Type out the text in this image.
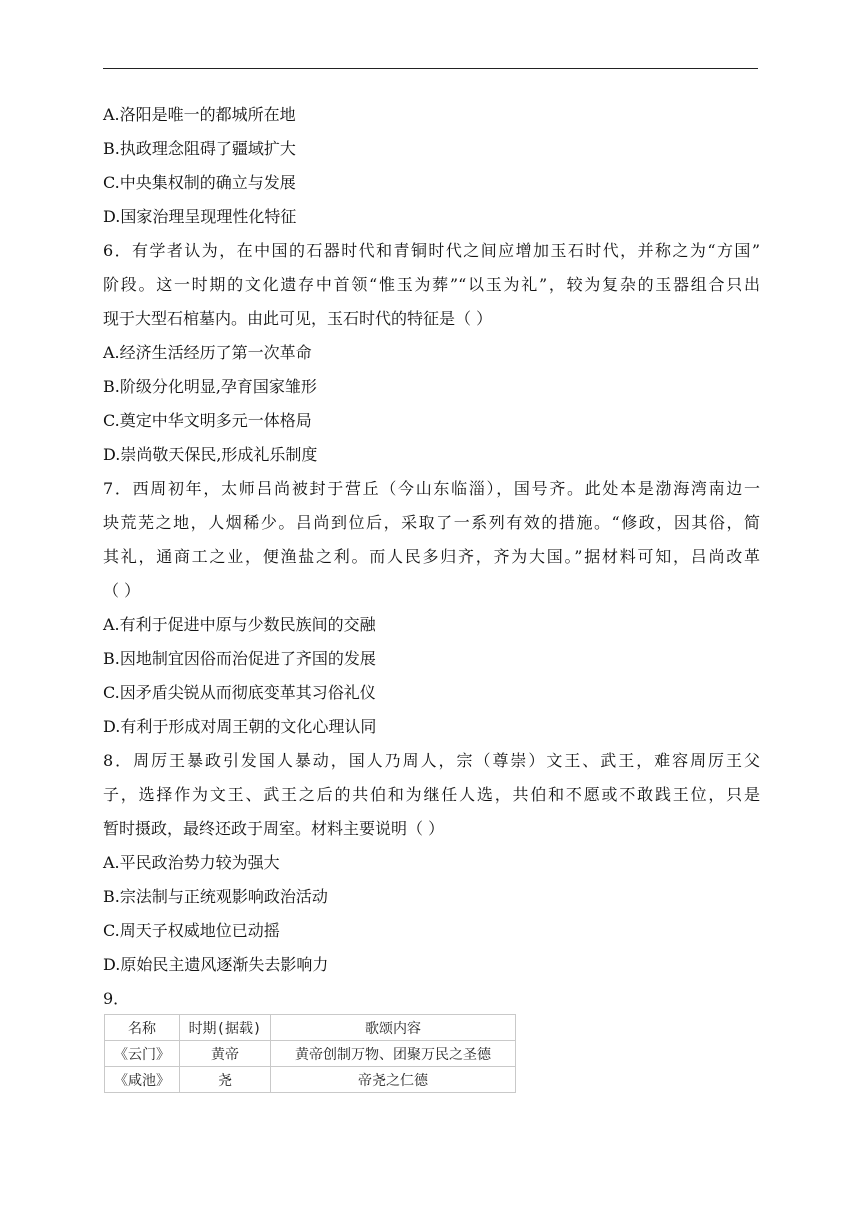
A.洛阳是唯一的都城所在地
B.执政理念阻碍了疆域扩大
C.中央集权制的确立与发展
D.国家治理呈现理性化特征
6．有学者认为，在中国的石器时代和青铜时代之间应增加玉石时代，并称之为“方国”
阶段。这一时期的文化遗存中首领“惟玉为葬”“以玉为礼”，较为复杂的玉器组合只出
现于大型石棺墓内。由此可见，玉石时代的特征是（ ）
A.经济生活经历了第一次革命
B.阶级分化明显,孕育国家雏形
C.奠定中华文明多元一体格局
D.崇尚敬天保民,形成礼乐制度
7．西周初年，太师吕尚被封于营丘（今山东临淄），国号齐。此处本是渤海湾南边一
块荒芜之地，人烟稀少。吕尚到位后，采取了一系列有效的措施。“修政，因其俗，简
其礼，通商工之业，便渔盐之利。而人民多归齐，齐为大国。”据材料可知，吕尚改革
（ ）
A.有利于促进中原与少数民族间的交融
B.因地制宜因俗而治促进了齐国的发展
C.因矛盾尖锐从而彻底变革其习俗礼仪
D.有利于形成对周王朝的文化心理认同
8．周厉王暴政引发国人暴动，国人乃周人，宗（尊崇）文王、武王，难容周厉王父
子，选择作为文王、武王之后的共伯和为继任人选，共伯和不愿或不敢践王位，只是
暂时摄政，最终还政于周室。材料主要说明（ ）
A.平民政治势力较为强大
B.宗法制与正统观影响政治活动
C.周天子权威地位已动摇
D.原始民主遗风逐渐失去影响力
9．
名称	时期(据载)	歌颂内容
《云门》	黄帝	黄帝创制万物、团聚万民之圣德
《咸池》	尧	帝尧之仁德
